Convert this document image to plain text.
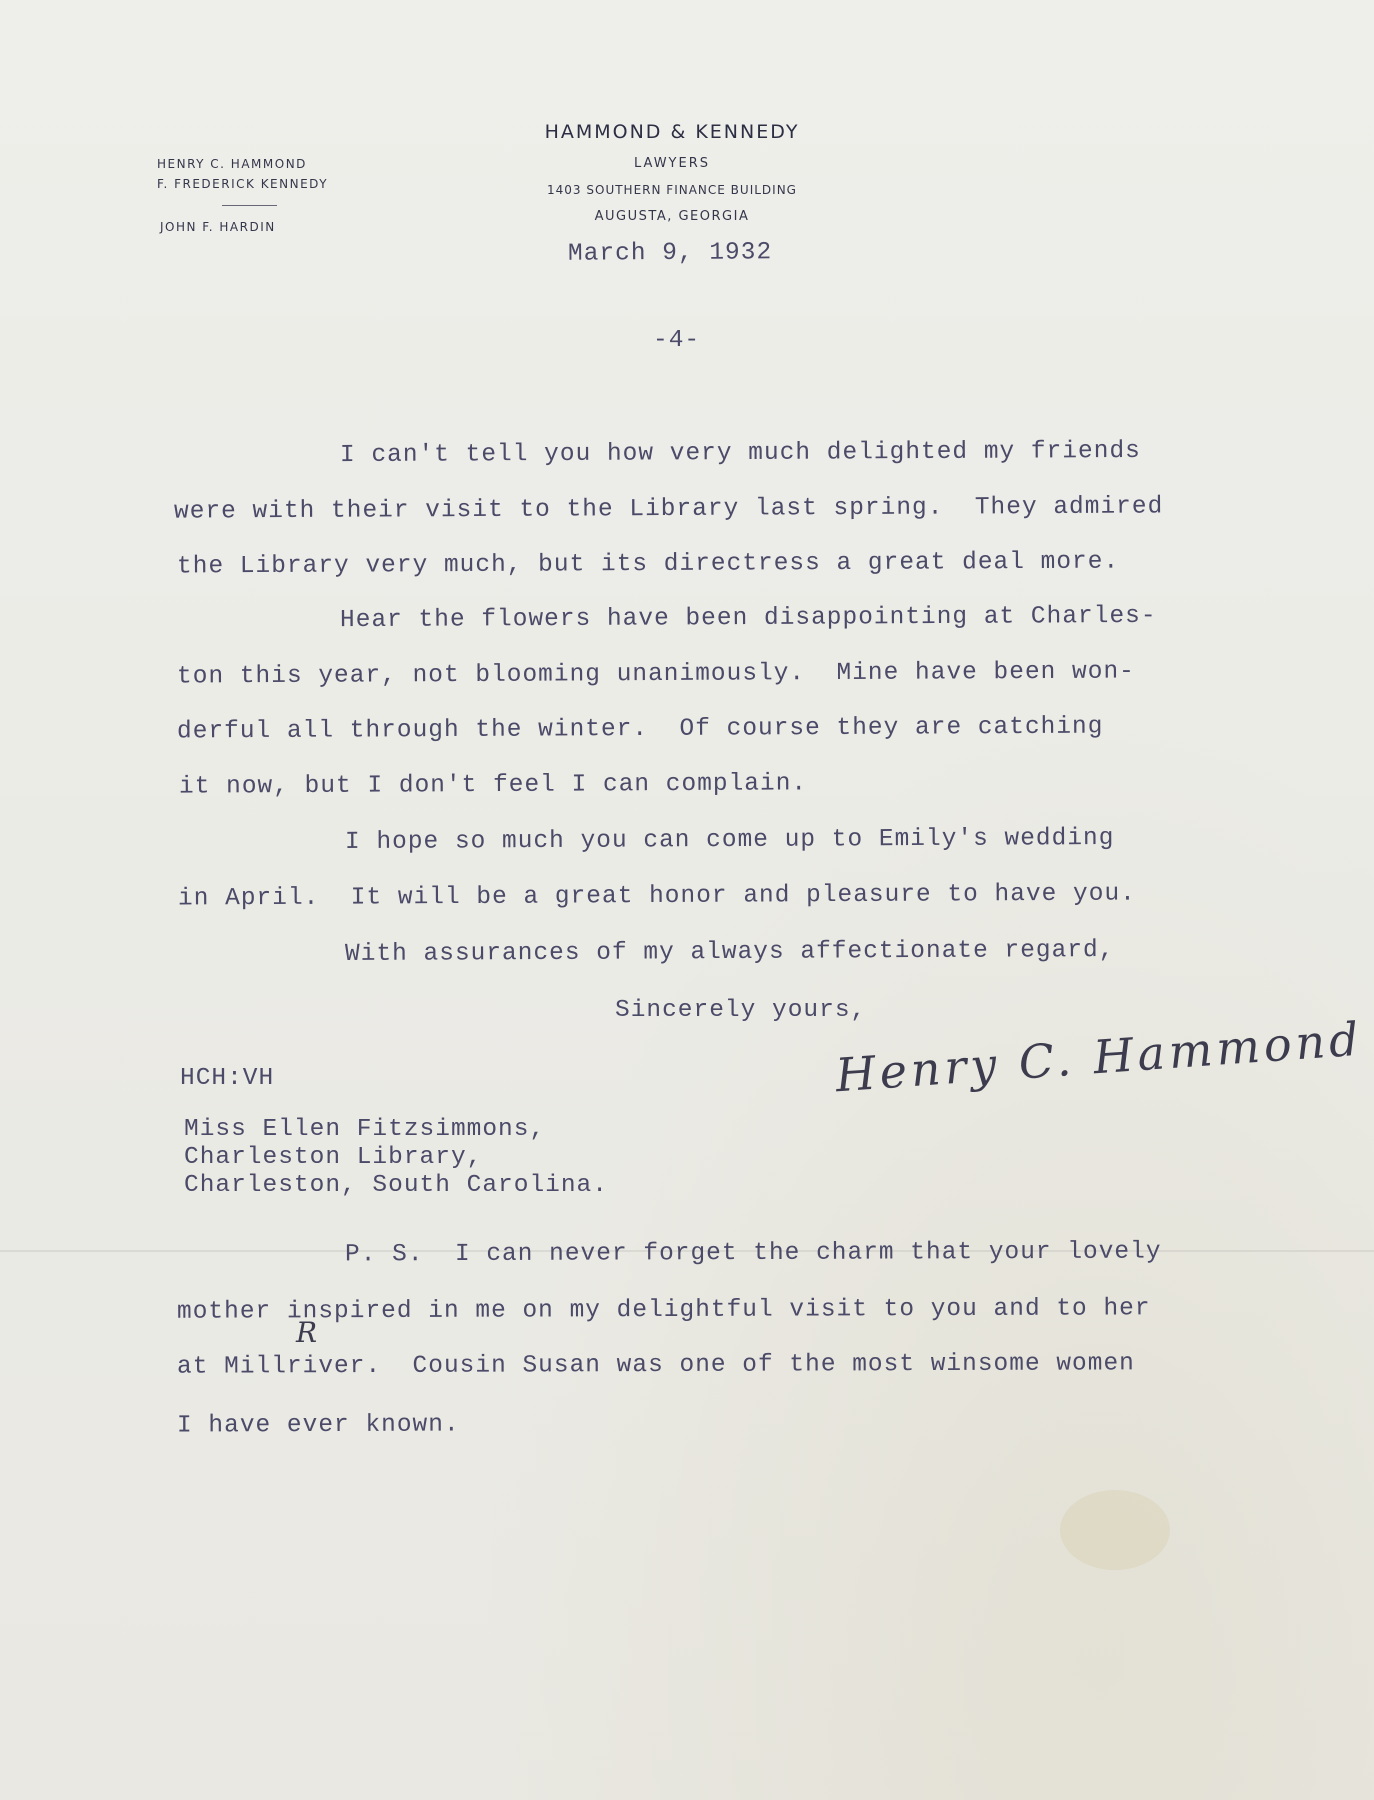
HENRY C. HAMMOND
F. FREDERICK KENNEDY
JOHN F. HARDIN
HAMMOND & KENNEDY
LAWYERS
1403 SOUTHERN FINANCE BUILDING
AUGUSTA, GEORGIA
March 9, 1932
-4-
I can't tell you how very much delighted my friends
were with their visit to the Library last spring.  They admired
the Library very much, but its directress a great deal more.
Hear the flowers have been disappointing at Charles-
ton this year, not blooming unanimously.  Mine have been won-
derful all through the winter.  Of course they are catching
it now, but I don't feel I can complain.
I hope so much you can come up to Emily's wedding
in April.  It will be a great honor and pleasure to have you.
With assurances of my always affectionate regard,
Sincerely yours,
Henry C. Hammond
HCH:VH
Miss Ellen Fitzsimmons,
Charleston Library,
Charleston, South Carolina.
P. S.  I can never forget the charm that your lovely
mother inspired in me on my delightful visit to you and to her
at Millriver.  Cousin Susan was one of the most winsome women
I have ever known.
R
